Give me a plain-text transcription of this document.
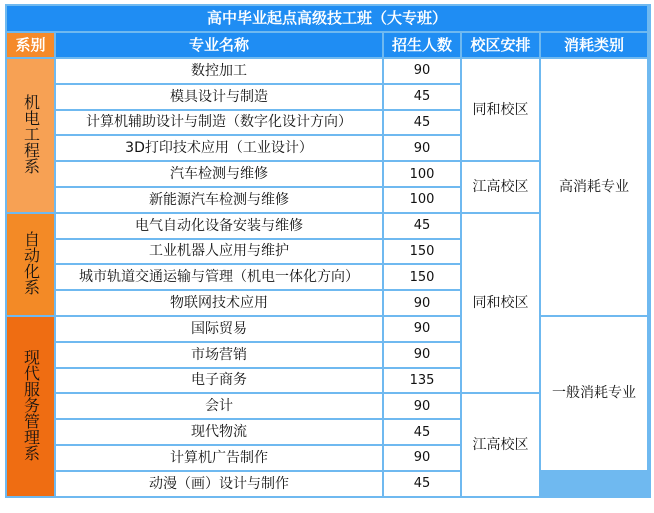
高中毕业起点高级技工班（大专班）					
系别	专业名称	招生人数	校区安排	消耗类别	
机电工程系	数控加工	90	同和校区	高消耗专业	
	模具设计与制造	45			
	计算机辅助设计与制造（数字化设计方向）	45			
	3D打印技术应用（工业设计）	90			
	汽车检测与维修	100	江高校区		
	新能源汽车检测与维修	100			
自动化系	电气自动化设备安装与维修	45	同和校区		
	工业机器人应用与维护	150			
	城市轨道交通运输与管理（机电一体化方向）	150			
	物联网技术应用	90			
现代服务管理系	国际贸易	90		一般消耗专业	
	市场营销	90			
	电子商务	135			
	会计	90	江高校区		
	现代物流	45			
	计算机广告制作	90			
	动漫（画）设计与制作	45			
